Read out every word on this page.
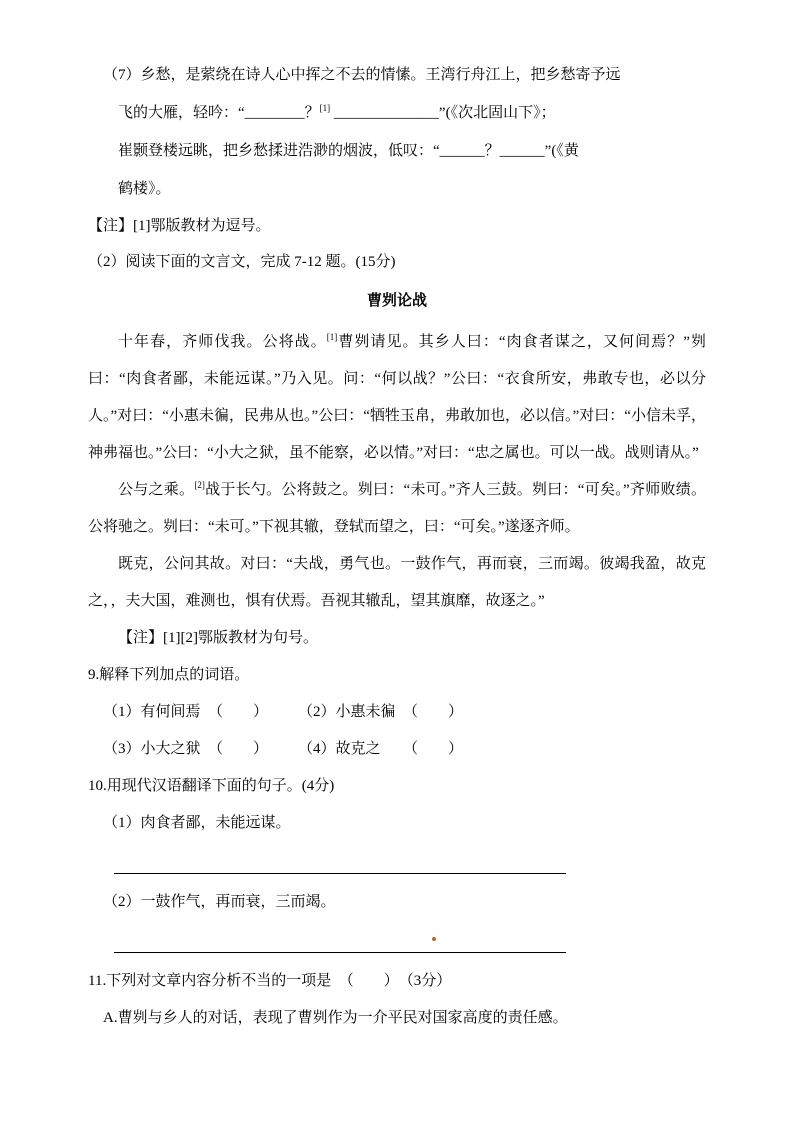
（7）乡愁，是萦绕在诗人心中挥之不去的情愫。王湾行舟江上，把乡愁寄予远
飞的大雁，轻吟：“________？[1] ______________”(《次北固山下》；
崔颢登楼远眺，把乡愁揉进浩渺的烟波，低叹：“______？______”(《黄
鹤楼》。
【注】[1]鄂版教材为逗号。
（2）阅读下面的文言文，完成 7-12 题。(15分)
曹刿论战

十年春，齐师伐我。公将战。[1]曹刿请见。其乡人曰：“肉食者谋之，又何间焉？”刿曰：“肉食者鄙，未能远谋。”乃入见。问：“何以战？”公曰：“衣食所安，弗敢专也，必以分人。”对曰：“小惠未徧，民弗从也。”公曰：“牺牲玉帛，弗敢加也，必以信。”对曰：“小信未孚，神弗福也。”公曰：“小大之狱，虽不能察，必以情。”对曰：“忠之属也。可以一战。战则请从。”

公与之乘。[2]战于长勺。公将鼓之。刿曰：“未可。”齐人三鼓。刿曰：“可矣。”齐师败绩。公将驰之。刿曰：“未可。”下视其辙，登轼而望之，曰：“可矣。”遂逐齐师。

既克，公问其故。对曰：“夫战，勇气也。一鼓作气，再而衰，三而竭。彼竭我盈，故克之，，夫大国，难测也，惧有伏焉。吾视其辙乱，望其旗靡，故逐之。”

【注】[1][2]鄂版教材为句号。
9.解释下列加点的词语。
（1）有何间焉　（　　）　　　（2）小惠未徧　（　　）
（3）小大之狱　（　　）　　　（4）故克之　　（　　）
10.用现代汉语翻译下面的句子。(4分)
（1）肉食者鄙，未能远谋。
（2）一鼓作气，再而衰，三而竭。
11.下列对文章内容分析不当的一项是　（　　）　（3分）
A.曹刿与乡人的对话，表现了曹刿作为一介平民对国家高度的责任感。
